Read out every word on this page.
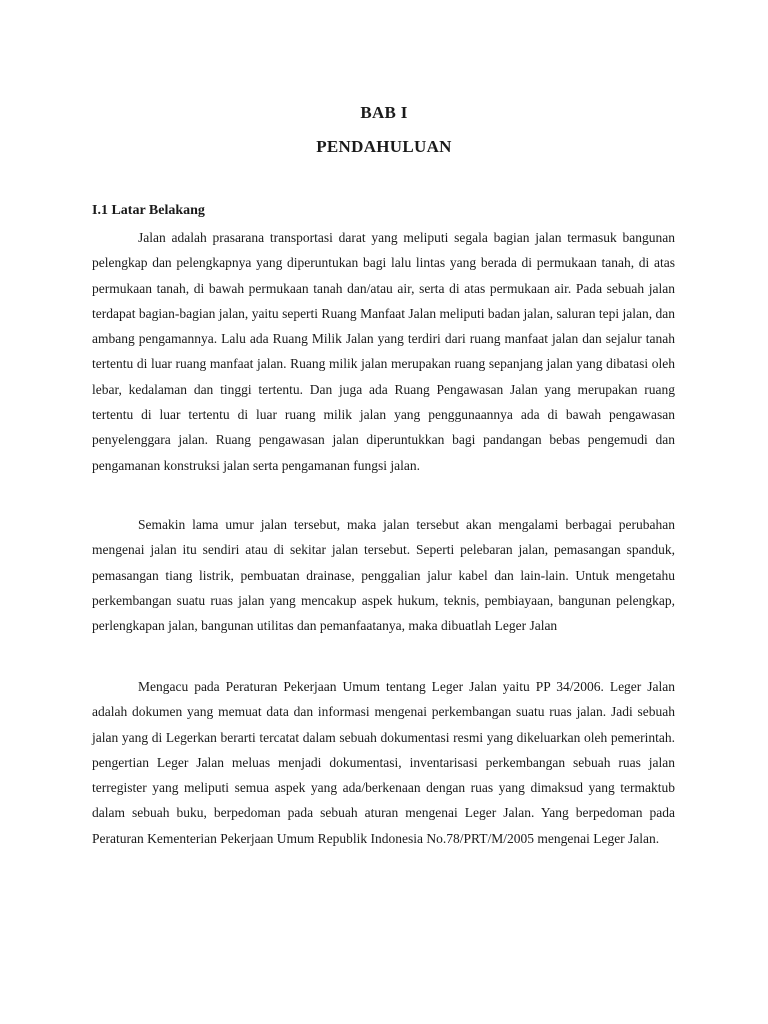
BAB I
PENDAHULUAN
I.1 Latar Belakang

Jalan adalah prasarana transportasi darat yang meliputi segala bagian jalan termasuk bangunan pelengkap dan pelengkapnya yang diperuntukan bagi lalu lintas yang berada di permukaan tanah, di atas permukaan tanah, di bawah permukaan tanah dan/atau air, serta di atas permukaan air. Pada sebuah jalan terdapat bagian-bagian jalan, yaitu seperti Ruang Manfaat Jalan meliputi badan jalan, saluran tepi jalan, dan ambang pengamannya. Lalu ada Ruang Milik Jalan yang terdiri dari ruang manfaat jalan dan sejalur tanah tertentu di luar ruang manfaat jalan. Ruang milik jalan merupakan ruang sepanjang jalan yang dibatasi oleh lebar, kedalaman dan tinggi tertentu. Dan juga ada Ruang Pengawasan Jalan yang merupakan ruang tertentu di luar tertentu di luar ruang milik jalan yang penggunaannya ada di bawah pengawasan penyelenggara jalan. Ruang pengawasan jalan diperuntukkan bagi pandangan bebas pengemudi dan pengamanan konstruksi jalan serta pengamanan fungsi jalan.

Semakin lama umur jalan tersebut, maka jalan tersebut akan mengalami berbagai perubahan mengenai jalan itu sendiri atau di sekitar jalan tersebut. Seperti pelebaran jalan, pemasangan spanduk, pemasangan tiang listrik, pembuatan drainase, penggalian jalur kabel dan lain-lain. Untuk mengetahu perkembangan suatu ruas jalan yang mencakup aspek hukum, teknis, pembiayaan, bangunan pelengkap, perlengkapan jalan, bangunan utilitas dan pemanfaatanya, maka dibuatlah Leger Jalan

Mengacu pada Peraturan Pekerjaan Umum tentang Leger Jalan yaitu PP 34/2006. Leger Jalan adalah dokumen yang memuat data dan informasi mengenai perkembangan suatu ruas jalan. Jadi sebuah jalan yang di Legerkan berarti tercatat dalam sebuah dokumentasi resmi yang dikeluarkan oleh pemerintah. pengertian Leger Jalan meluas menjadi dokumentasi, inventarisasi perkembangan sebuah ruas jalan terregister yang meliputi semua aspek yang ada/berkenaan dengan ruas yang dimaksud yang termaktub dalam sebuah buku, berpedoman pada sebuah aturan mengenai Leger Jalan. Yang berpedoman pada Peraturan Kementerian Pekerjaan Umum Republik Indonesia No.78/PRT/M/2005 mengenai Leger Jalan.
